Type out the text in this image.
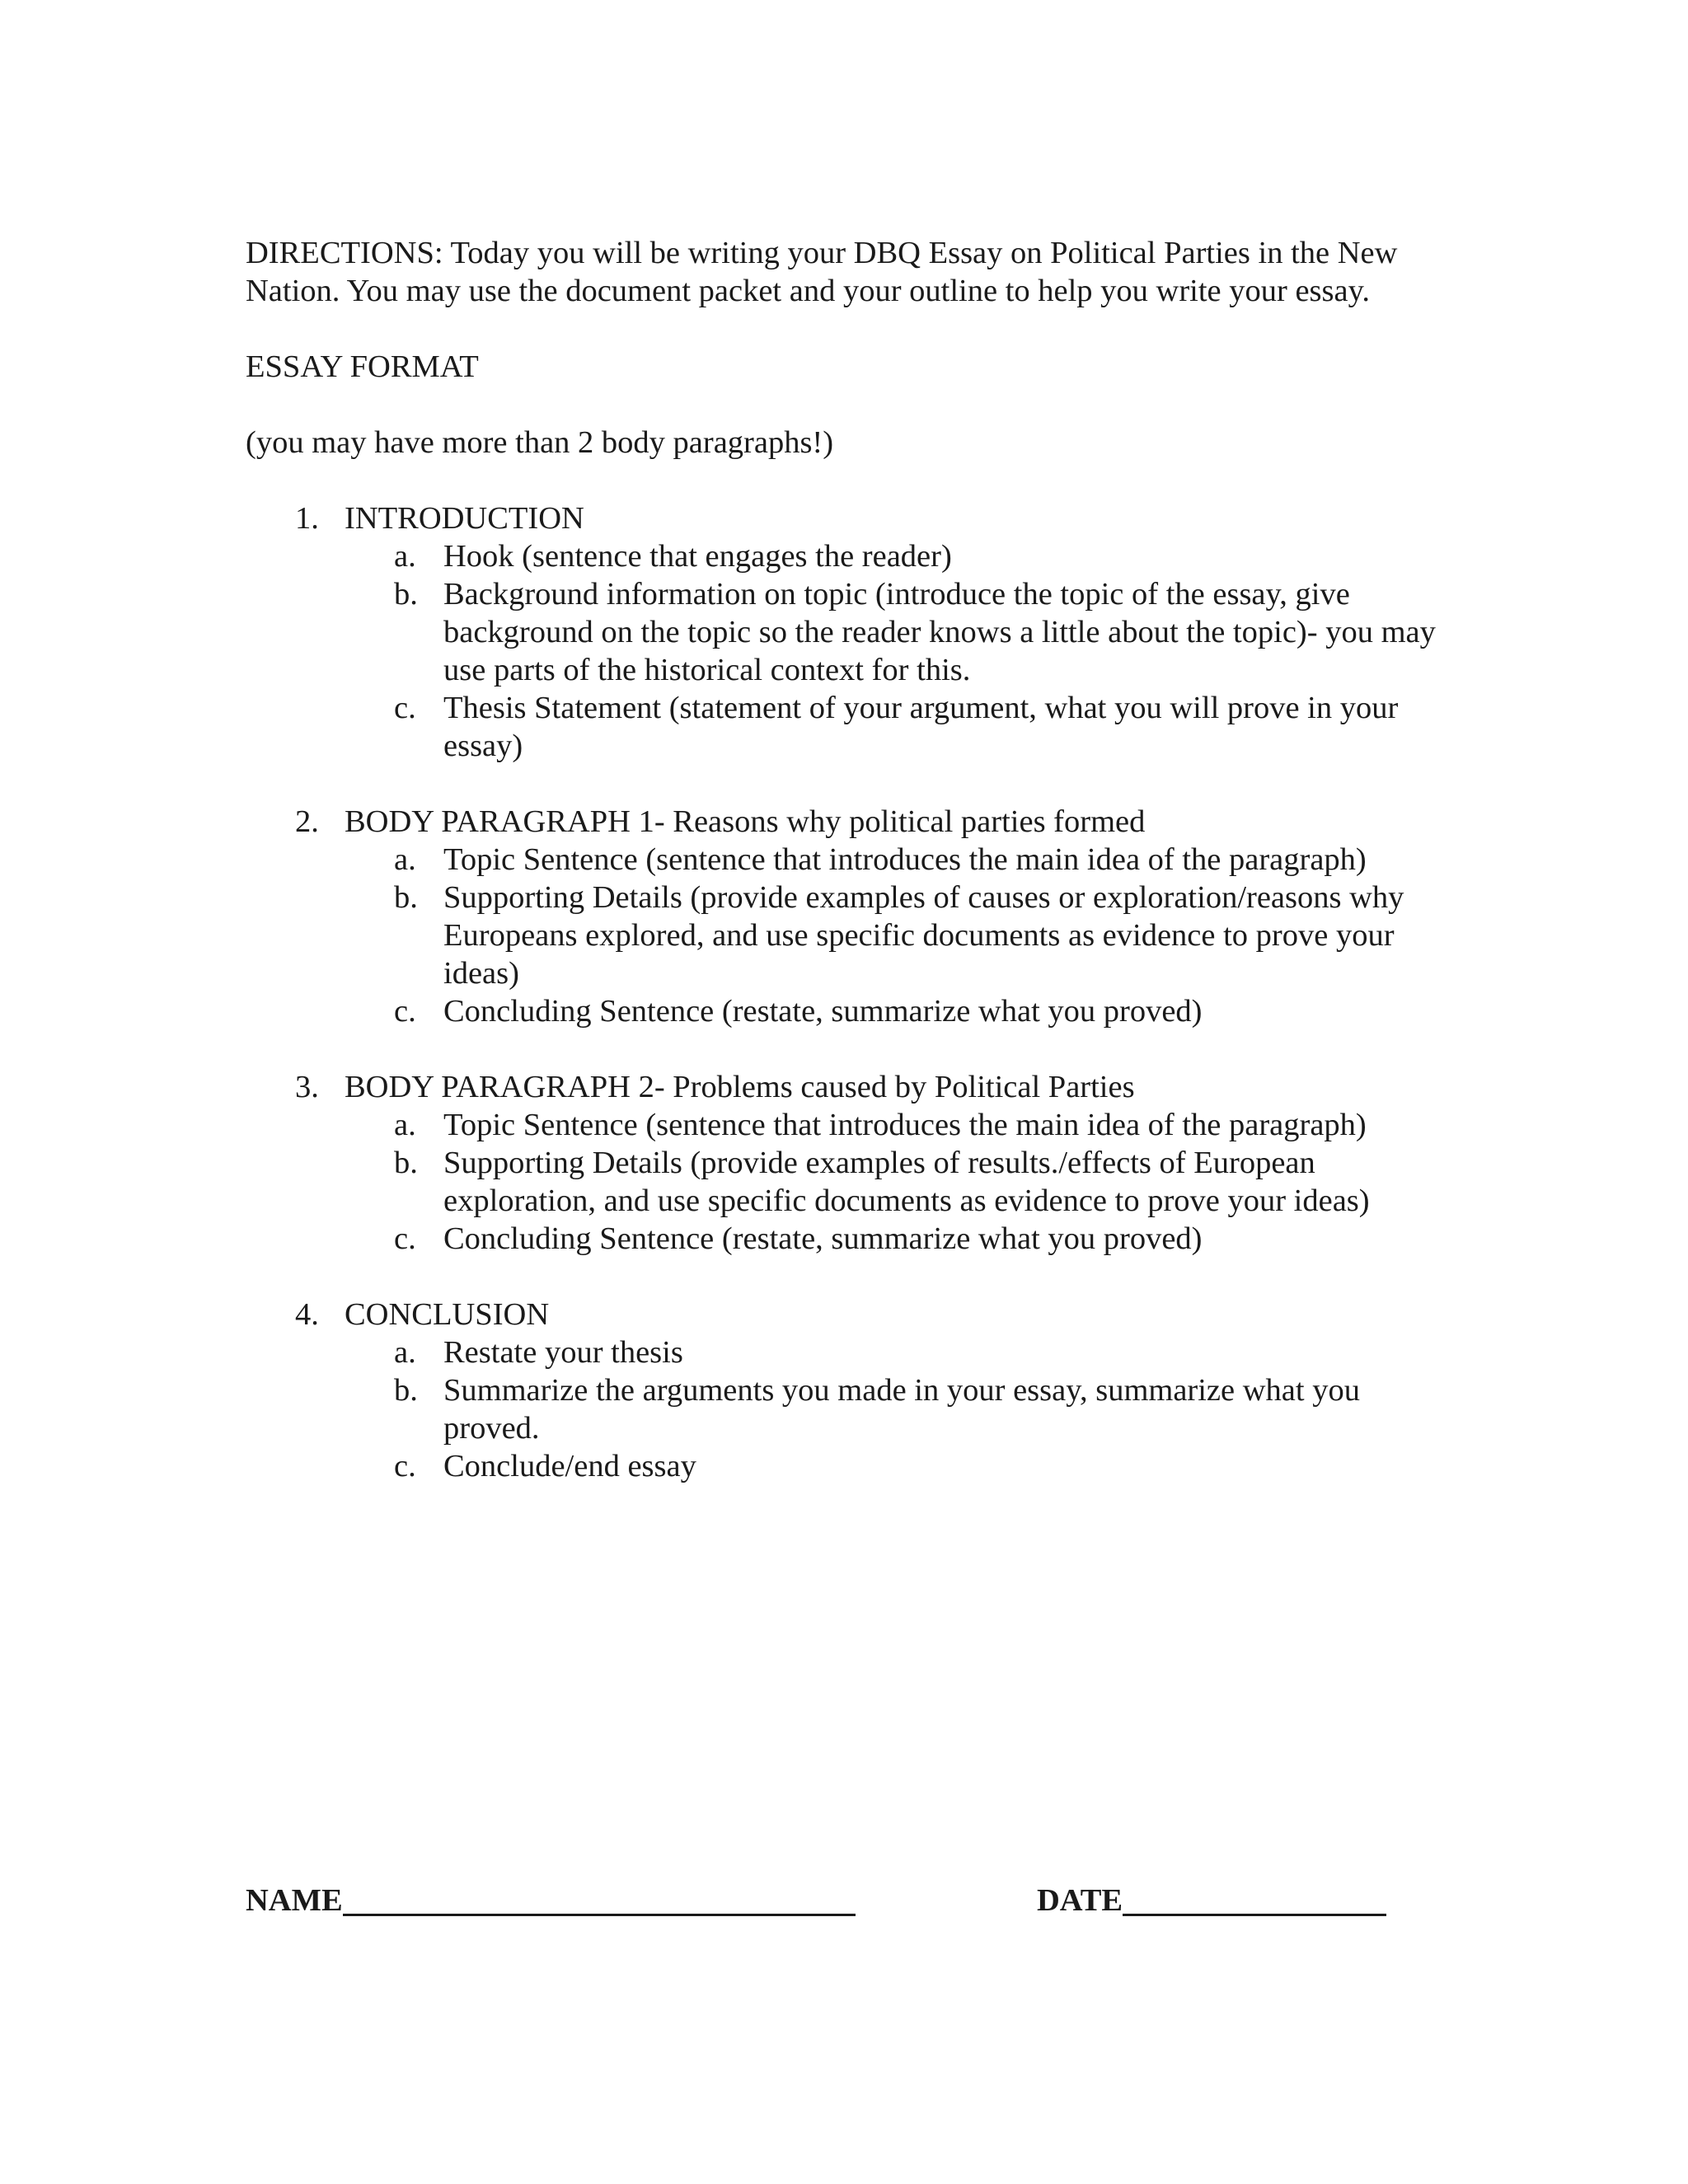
DIRECTIONS: Today you will be writing your DBQ Essay on Political Parties in the New Nation. You may use the document packet and your outline to help you write your essay.

ESSAY FORMAT

(you may have more than 2 body paragraphs!)

1. INTRODUCTION
a. Hook (sentence that engages the reader)
b. Background information on topic (introduce the topic of the essay, give background on the topic so the reader knows a little about the topic)- you may use parts of the historical context for this.
c. Thesis Statement (statement of your argument, what you will prove in your essay)
2. BODY PARAGRAPH 1- Reasons why political parties formed
a. Topic Sentence (sentence that introduces the main idea of the paragraph)
b. Supporting Details (provide examples of causes or exploration/reasons why Europeans explored, and use specific documents as evidence to prove your ideas)
c. Concluding Sentence (restate, summarize what you proved)
3. BODY PARAGRAPH 2- Problems caused by Political Parties
a. Topic Sentence (sentence that introduces the main idea of the paragraph)
b. Supporting Details (provide examples of results./effects of European exploration, and use specific documents as evidence to prove your ideas)
c. Concluding Sentence (restate, summarize what you proved)
4. CONCLUSION
a. Restate your thesis
b. Summarize the arguments you made in your essay, summarize what you proved.
c. Conclude/end essay
NAME	DATE
